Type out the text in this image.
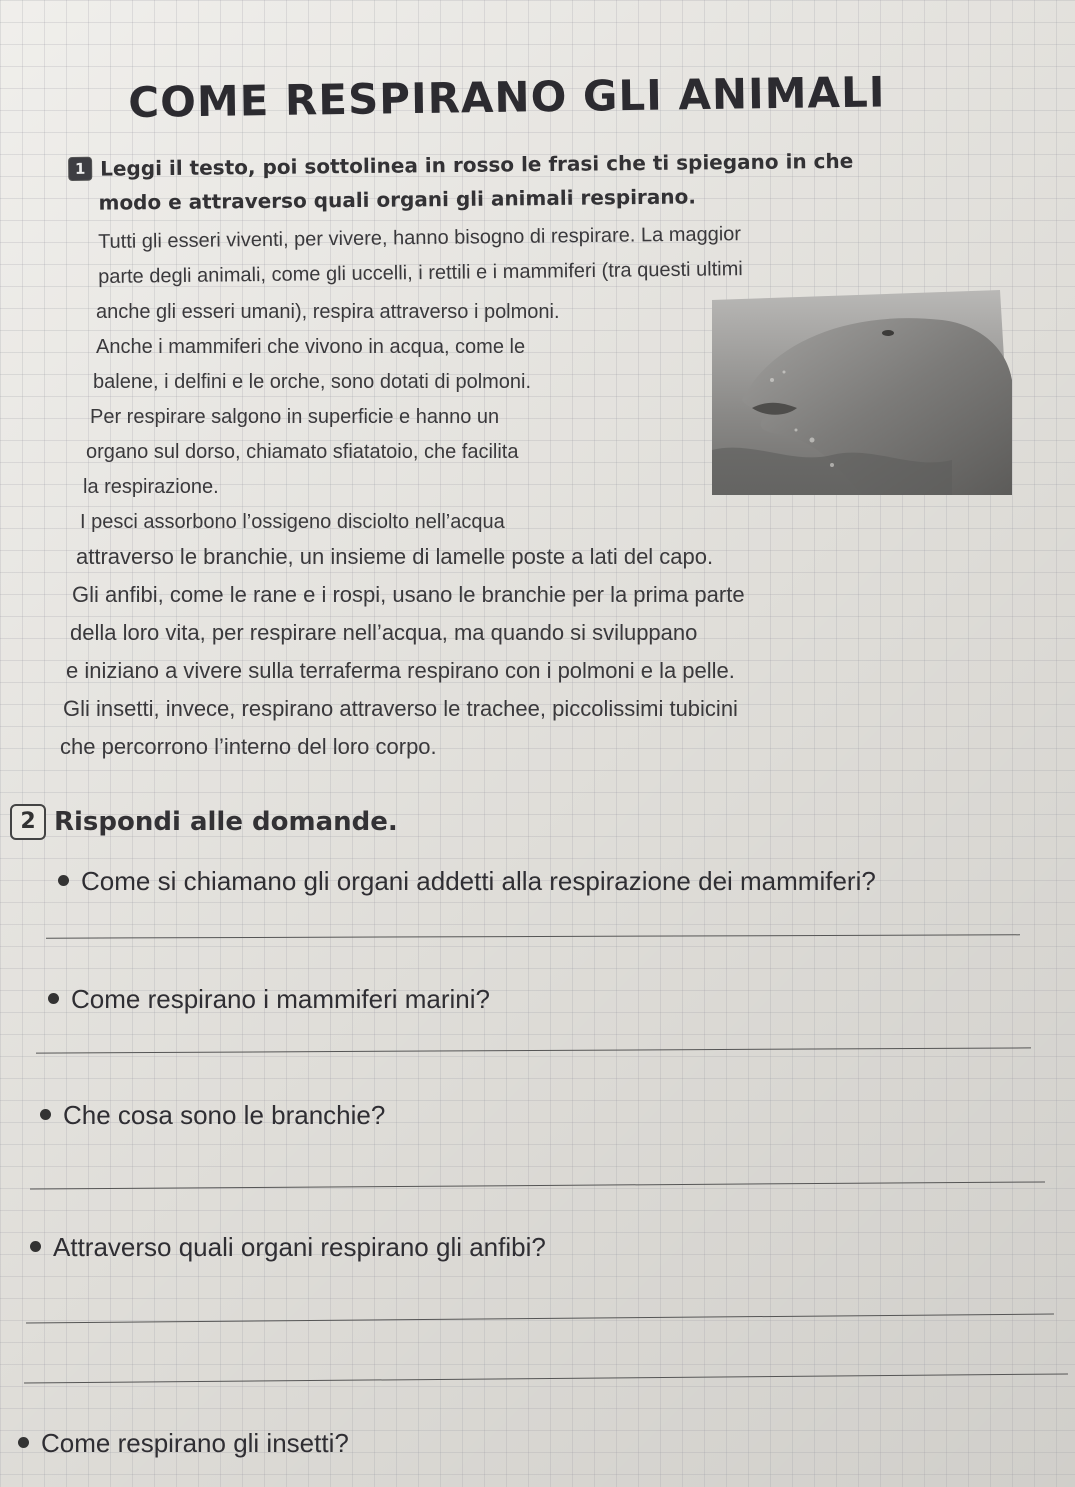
COME RESPIRANO GLI ANIMALI
1 Leggi il testo, poi sottolinea in rosso le frasi che ti spiegano in che
modo e attraverso quali organi gli animali respirano.
Tutti gli esseri viventi, per vivere, hanno bisogno di respirare. La maggior
parte degli animali, come gli uccelli, i rettili e i mammiferi (tra questi ultimi
anche gli esseri umani), respira attraverso i polmoni.
Anche i mammiferi che vivono in acqua, come le
balene, i delfini e le orche, sono dotati di polmoni.
Per respirare salgono in superficie e hanno un
organo sul dorso, chiamato sfiatatoio, che facilita
la respirazione.
I pesci assorbono l’ossigeno disciolto nell’acqua
attraverso le branchie, un insieme di lamelle poste a lati del capo.
Gli anfibi, come le rane e i rospi, usano le branchie per la prima parte
della loro vita, per respirare nell’acqua, ma quando si sviluppano
e iniziano a vivere sulla terraferma respirano con i polmoni e la pelle.
Gli insetti, invece, respirano attraverso le trachee, piccolissimi tubicini
che percorrono l’interno del loro corpo.
2 Rispondi alle domande.
Come si chiamano gli organi addetti alla respirazione dei mammiferi?
Come respirano i mammiferi marini?
Che cosa sono le branchie?
Attraverso quali organi respirano gli anfibi?
Come respirano gli insetti?
